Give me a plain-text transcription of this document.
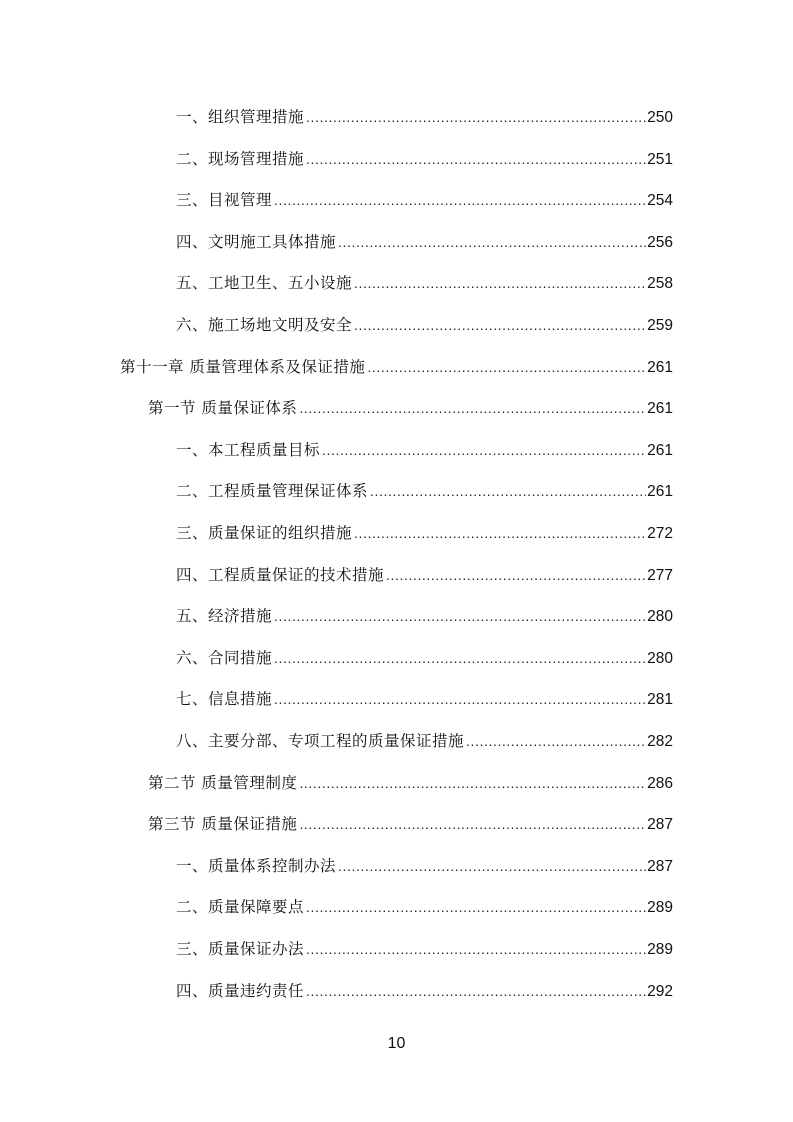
一、组织管理措施 .....	250
二、现场管理措施 .....	251
三、目视管理 .....	254
四、文明施工具体措施 .....	256
五、工地卫生、五小设施 .....	258
六、施工场地文明及安全 .....	259
第十一章 质量管理体系及保证措施 .....	261
第一节 质量保证体系 .....	261
一、本工程质量目标 .....	261
二、工程质量管理保证体系 .....	261
三、质量保证的组织措施 .....	272
四、工程质量保证的技术措施 .....	277
五、经济措施 .....	280
六、合同措施 .....	280
七、信息措施 .....	281
八、主要分部、专项工程的质量保证措施 .....	282
第二节 质量管理制度 .....	286
第三节 质量保证措施 .....	287
一、质量体系控制办法 .....	287
二、质量保障要点 .....	289
三、质量保证办法 .....	289
四、质量违约责任 .....	292
10
